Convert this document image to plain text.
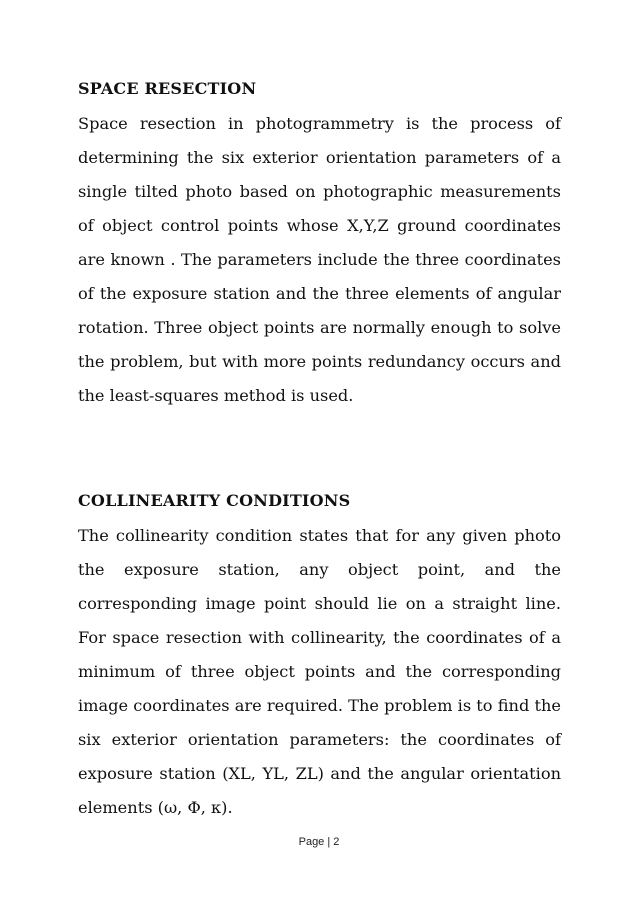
SPACE RESECTION

Space resection in photogrammetry is the process of determining the six exterior orientation parameters of a single tilted photo based on photographic measurements of object control points whose X,Y,Z ground coordinates are known . The parameters include the three coordinates of the exposure station and the three elements of angular rotation. Three object points are normally enough to solve the problem, but with more points redundancy occurs and the least-squares method is used.

COLLINEARITY CONDITIONS

The collinearity condition states that for any given photo the exposure station, any object point, and the corresponding image point should lie on a straight line. For space resection with collinearity, the coordinates of a minimum of three object points and the corresponding image coordinates are required. The problem is to find the six exterior orientation parameters: the coordinates of exposure station (XL, YL, ZL) and the angular orientation elements (ω, Φ, κ).

Page | 2
